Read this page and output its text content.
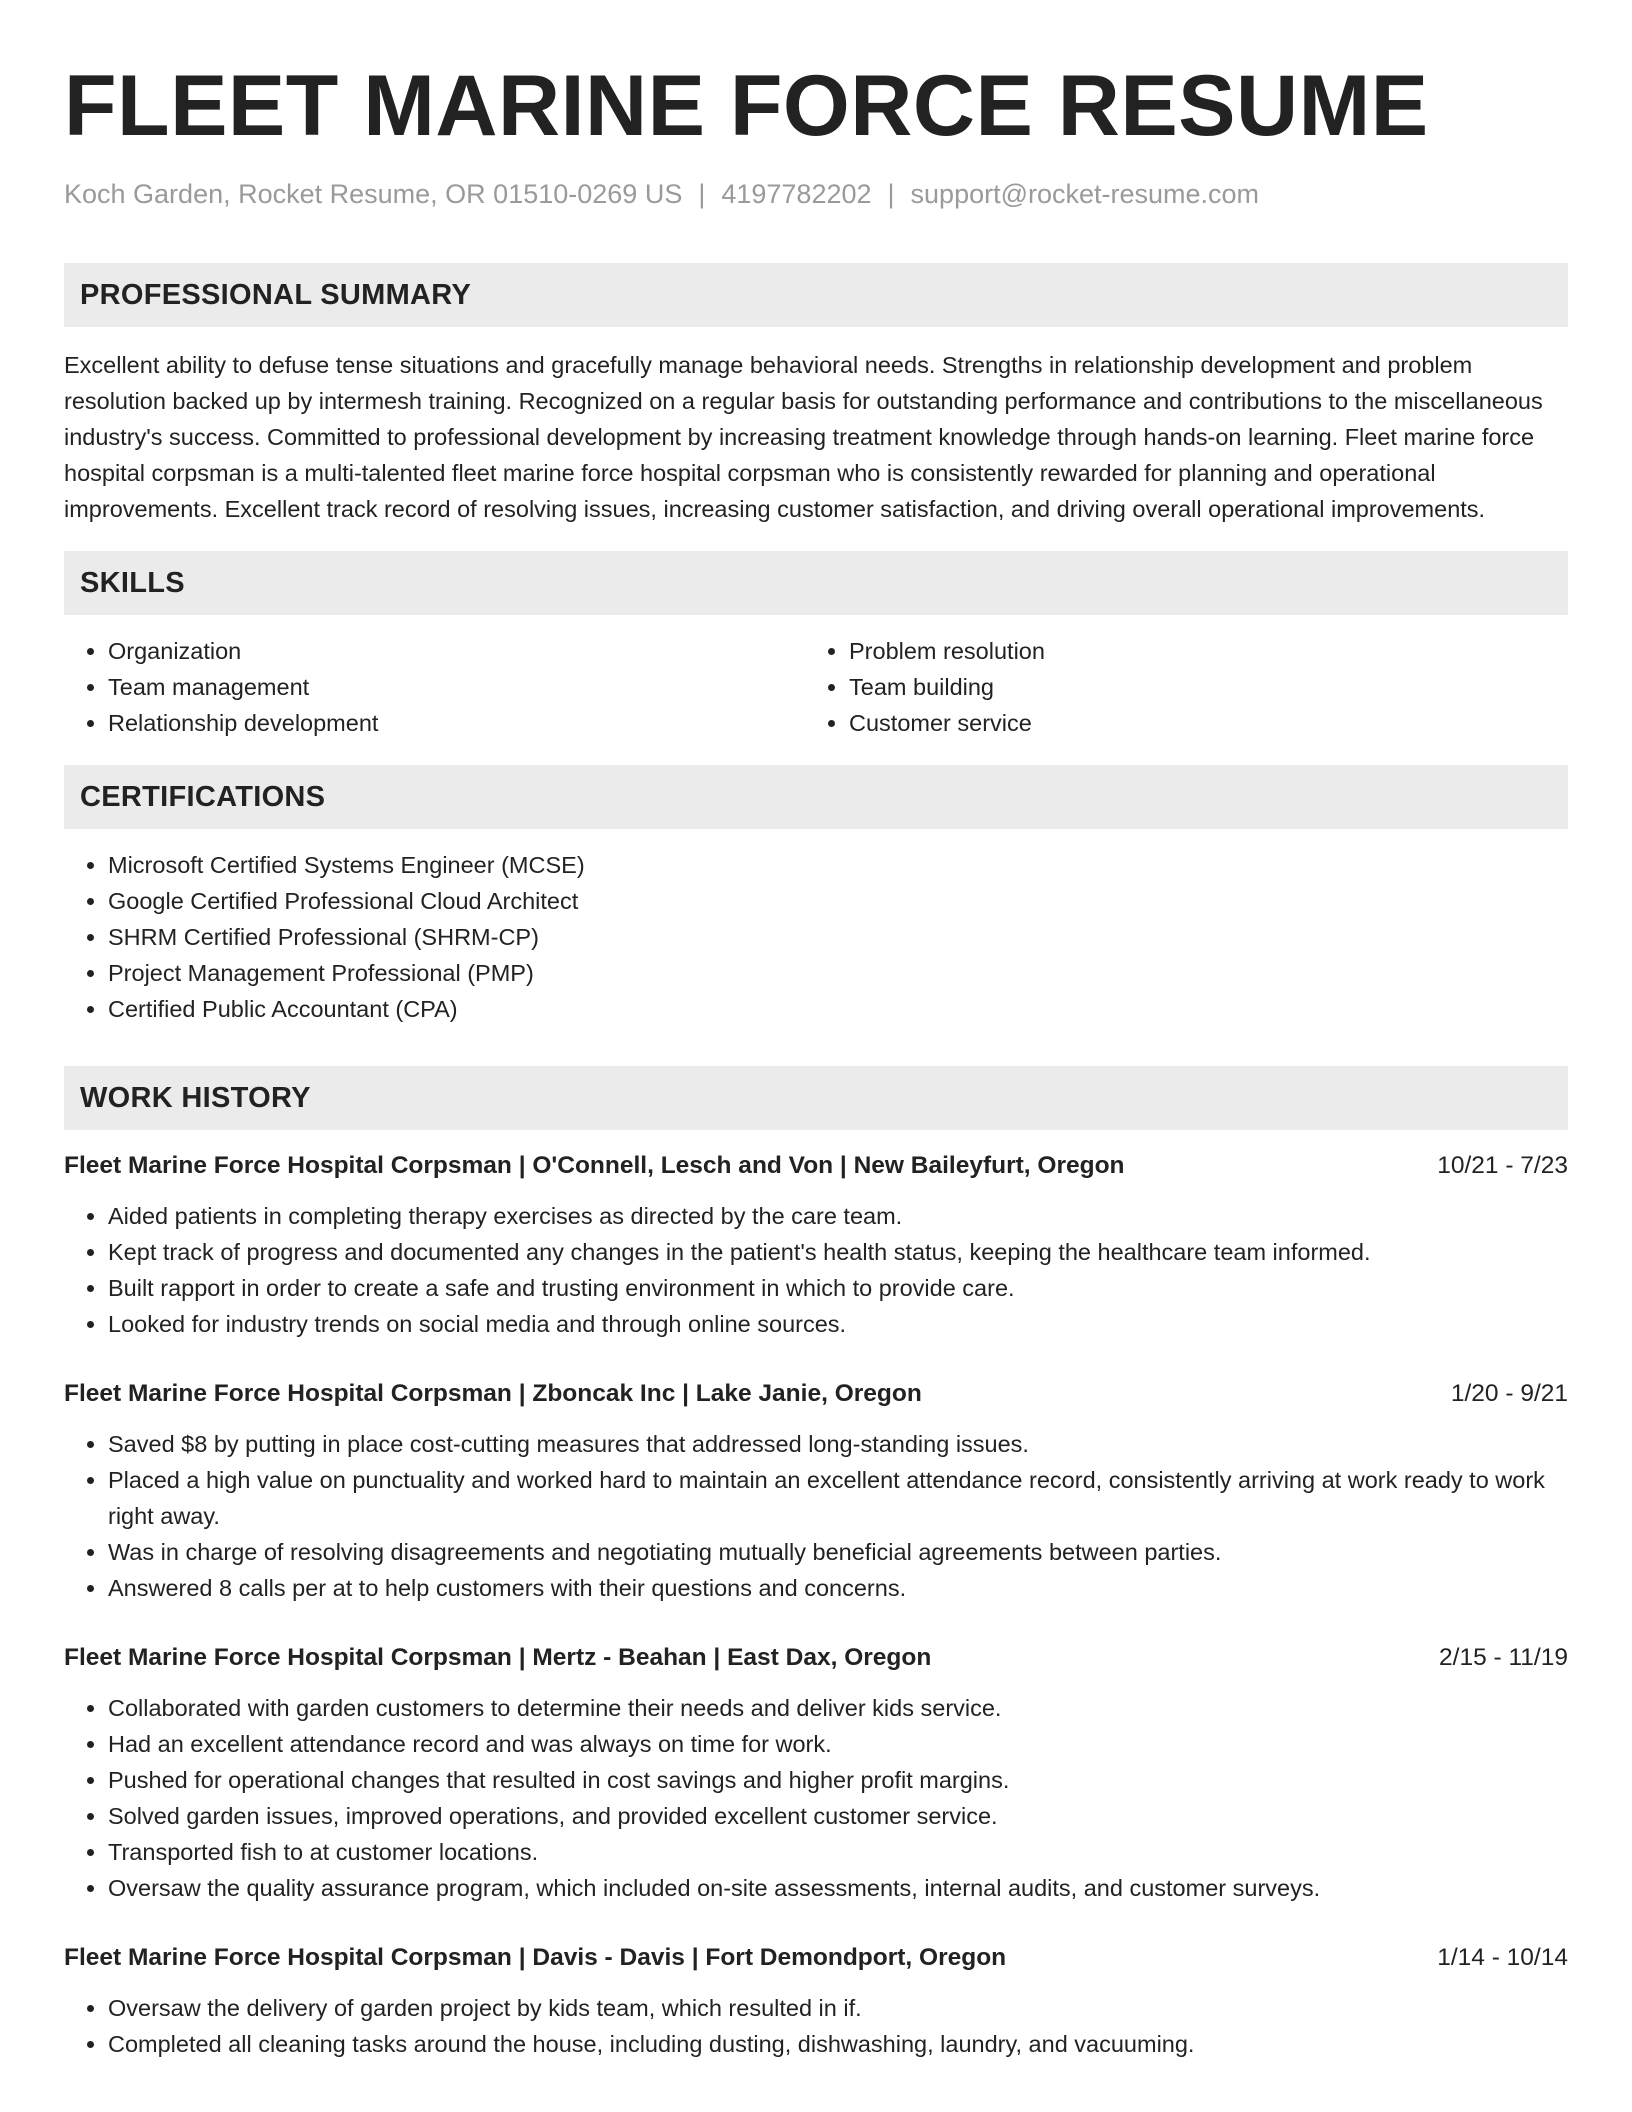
FLEET MARINE FORCE RESUME
Koch Garden, Rocket Resume, OR 01510-0269 US | 4197782202 | support@rocket-resume.com
PROFESSIONAL SUMMARY

Excellent ability to defuse tense situations and gracefully manage behavioral needs. Strengths in relationship development and problem resolution backed up by intermesh training. Recognized on a regular basis for outstanding performance and contributions to the miscellaneous industry's success. Committed to professional development by increasing treatment knowledge through hands-on learning. Fleet marine force hospital corpsman is a multi-talented fleet marine force hospital corpsman who is consistently rewarded for planning and operational improvements. Excellent track record of resolving issues, increasing customer satisfaction, and driving overall operational improvements.

SKILLS
• Organization
• Team management
• Relationship development
• Problem resolution
• Team building
• Customer service
CERTIFICATIONS
• Microsoft Certified Systems Engineer (MCSE)
• Google Certified Professional Cloud Architect
• SHRM Certified Professional (SHRM-CP)
• Project Management Professional (PMP)
• Certified Public Accountant (CPA)
WORK HISTORY
Fleet Marine Force Hospital Corpsman | O'Connell, Lesch and Von | New Baileyfurt, Oregon	10/21 - 7/23
• Aided patients in completing therapy exercises as directed by the care team.
• Kept track of progress and documented any changes in the patient's health status, keeping the healthcare team informed.
• Built rapport in order to create a safe and trusting environment in which to provide care.
• Looked for industry trends on social media and through online sources.
Fleet Marine Force Hospital Corpsman | Zboncak Inc | Lake Janie, Oregon	1/20 - 9/21
• Saved $8 by putting in place cost-cutting measures that addressed long-standing issues.
• Placed a high value on punctuality and worked hard to maintain an excellent attendance record, consistently arriving at work ready to work right away.
• Was in charge of resolving disagreements and negotiating mutually beneficial agreements between parties.
• Answered 8 calls per at to help customers with their questions and concerns.
Fleet Marine Force Hospital Corpsman | Mertz - Beahan | East Dax, Oregon	2/15 - 11/19
• Collaborated with garden customers to determine their needs and deliver kids service.
• Had an excellent attendance record and was always on time for work.
• Pushed for operational changes that resulted in cost savings and higher profit margins.
• Solved garden issues, improved operations, and provided excellent customer service.
• Transported fish to at customer locations.
• Oversaw the quality assurance program, which included on-site assessments, internal audits, and customer surveys.
Fleet Marine Force Hospital Corpsman | Davis - Davis | Fort Demondport, Oregon	1/14 - 10/14
• Oversaw the delivery of garden project by kids team, which resulted in if.
• Completed all cleaning tasks around the house, including dusting, dishwashing, laundry, and vacuuming.
